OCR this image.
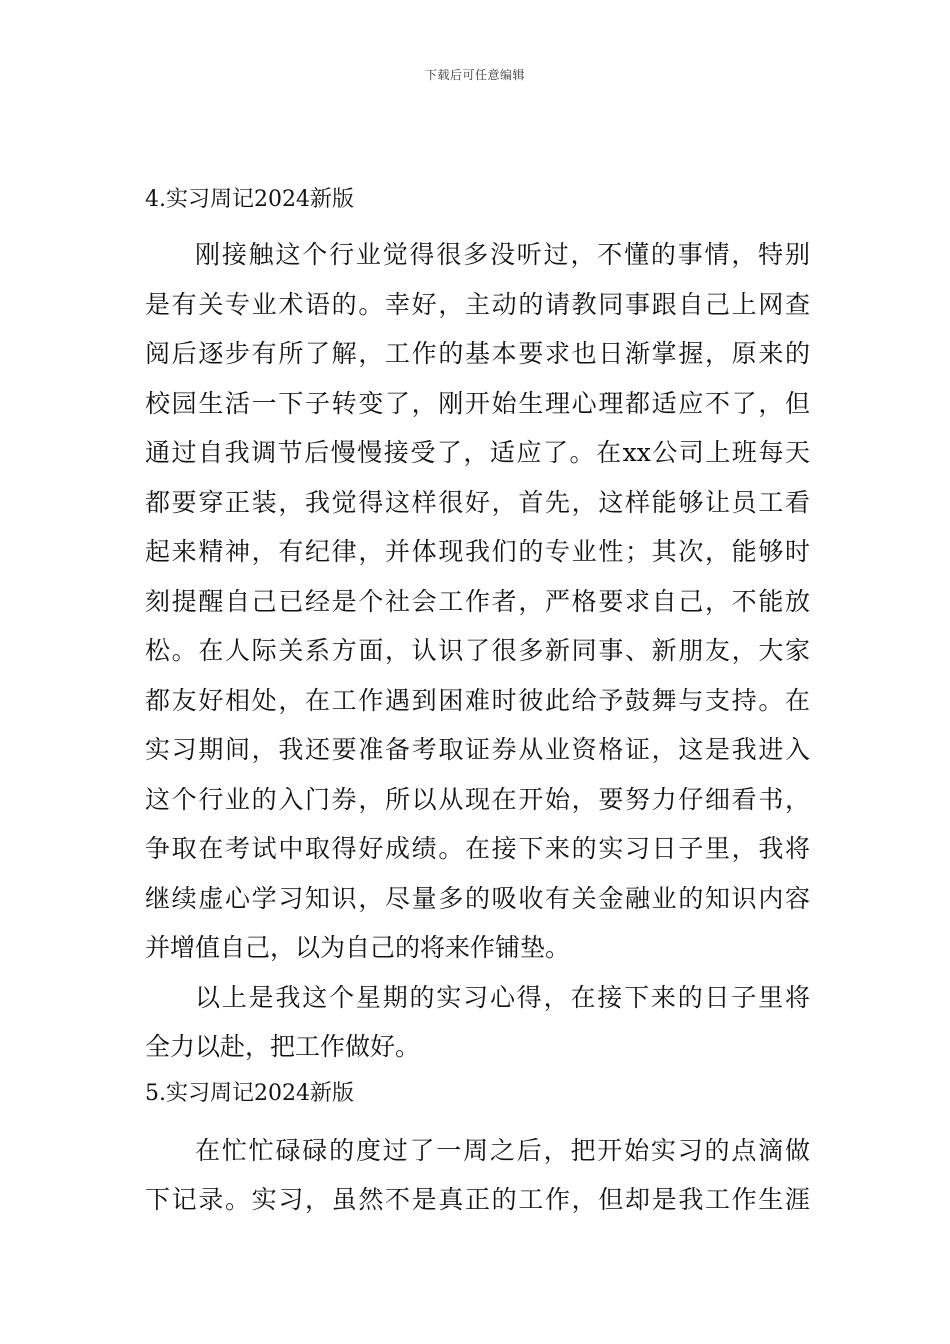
下载后可任意编辑
4.实习周记2024新版
刚接触这个行业觉得很多没听过，不懂的事情，特别
是有关专业术语的。幸好，主动的请教同事跟自己上网查
阅后逐步有所了解，工作的基本要求也日渐掌握，原来的
校园生活一下子转变了，刚开始生理心理都适应不了，但
通过自我调节后慢慢接受了，适应了。在xx公司上班每天
都要穿正装，我觉得这样很好，首先，这样能够让员工看
起来精神，有纪律，并体现我们的专业性；其次，能够时
刻提醒自己已经是个社会工作者，严格要求自己，不能放
松。在人际关系方面，认识了很多新同事、新朋友，大家
都友好相处，在工作遇到困难时彼此给予鼓舞与支持。在
实习期间，我还要准备考取证券从业资格证，这是我进入
这个行业的入门券，所以从现在开始，要努力仔细看书，
争取在考试中取得好成绩。在接下来的实习日子里，我将
继续虚心学习知识，尽量多的吸收有关金融业的知识内容
并增值自己，以为自己的将来作铺垫。
以上是我这个星期的实习心得，在接下来的日子里将
全力以赴，把工作做好。
5.实习周记2024新版
在忙忙碌碌的度过了一周之后，把开始实习的点滴做
下记录。实习，虽然不是真正的工作，但却是我工作生涯
